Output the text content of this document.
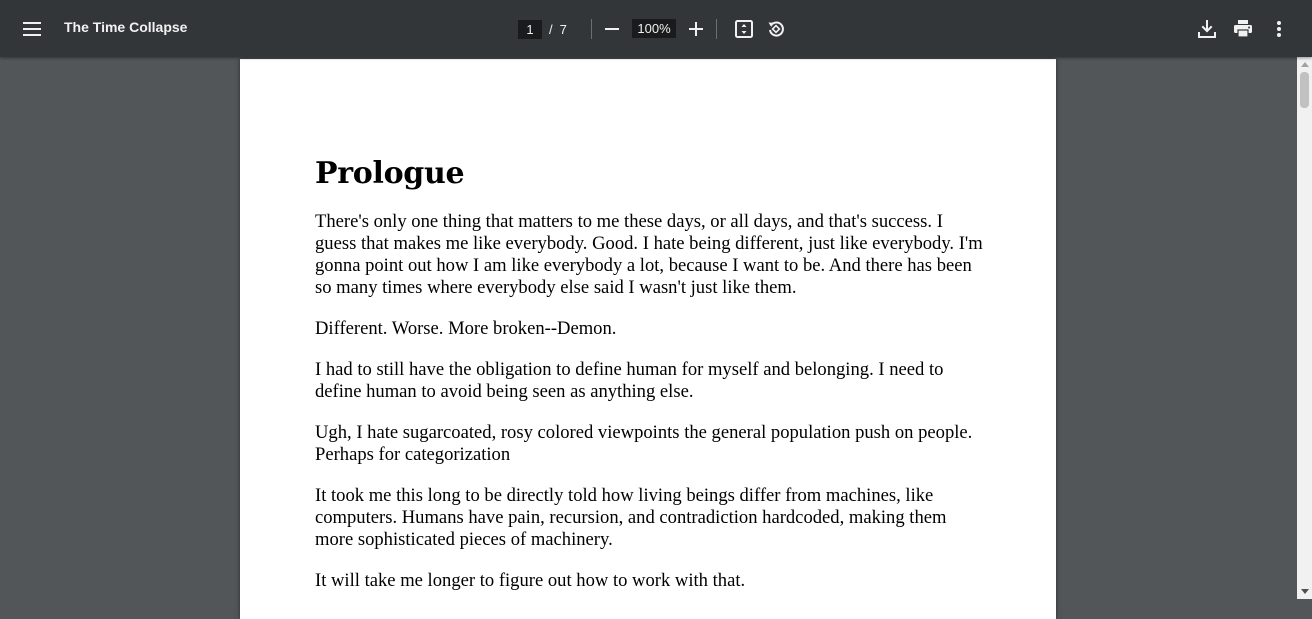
The Time Collapse
1	/ 7
100%
Prologue

There's only one thing that matters to me these days, or all days, and that's success. I guess that makes me like everybody. Good. I hate being different, just like everybody. I'm gonna point out how I am like everybody a lot, because I want to be. And there has been so many times where everybody else said I wasn't just like them.

Different. Worse. More broken--Demon.

I had to still have the obligation to define human for myself and belonging. I need to define human to avoid being seen as anything else.

Ugh, I hate sugarcoated, rosy colored viewpoints the general population push on people. Perhaps for categorization

It took me this long to be directly told how living beings differ from machines, like computers. Humans have pain, recursion, and contradiction hardcoded, making them more sophisticated pieces of machinery.

It will take me longer to figure out how to work with that.
